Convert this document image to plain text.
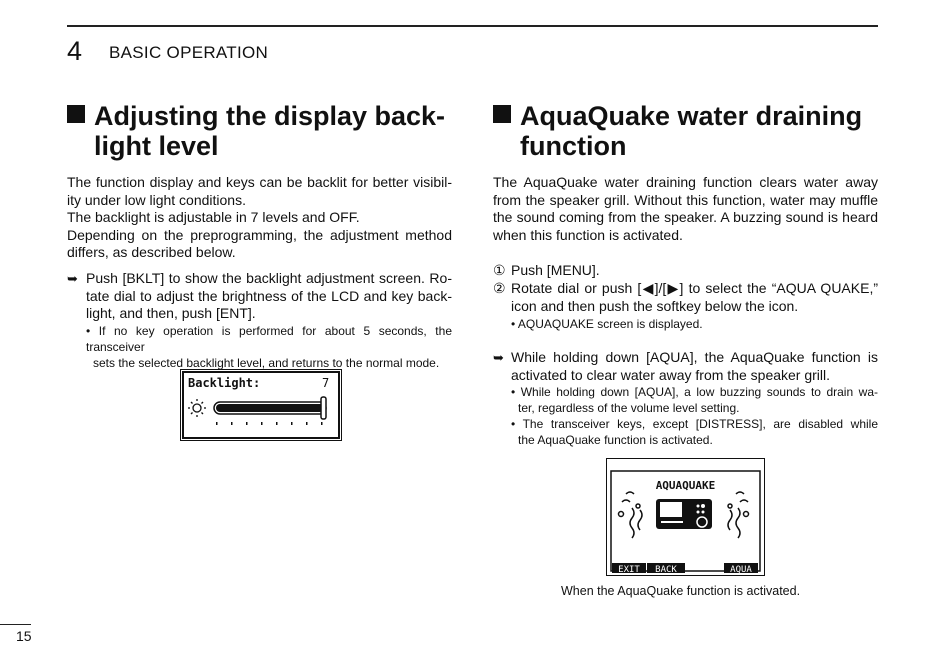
4 BASIC OPERATION
Adjusting the display back-
light level
The function display and keys can be backlit for better visibil-
ity under low light conditions.
The backlight is adjustable in 7 levels and OFF.
Depending on the preprogramming, the adjustment method
differs, as described below.
➥ Push [BKLT] to show the backlight adjustment screen. Ro-
tate dial to adjust the brightness of the LCD and key back-
light, and then, push [ENT].
• If no key operation is performed for about 5 seconds, the transceiver
sets the selected backlight level, and returns to the normal mode.
Backlight:	7
AquaQuake water draining
function
The AquaQuake water draining function clears water away
from the speaker grill. Without this function, water may muffle
the sound coming from the speaker. A buzzing sound is heard
when this function is activated.
① Push [MENU].
② Rotate dial or push [◀]/[▶] to select the “AQUA QUAKE,”
icon and then push the softkey below the icon.
• AQUAQUAKE screen is displayed.
➥ While holding down [AQUA], the AquaQuake function is
activated to clear water away from the speaker grill.
• While holding down [AQUA], a low buzzing sounds to drain wa-
ter, regardless of the volume level setting.
• The transceiver keys, except [DISTRESS], are disabled while
the AquaQuake function is activated.
AQUAQUAKE
EXIT BACK	AQUA
When the AquaQuake function is activated.
15
